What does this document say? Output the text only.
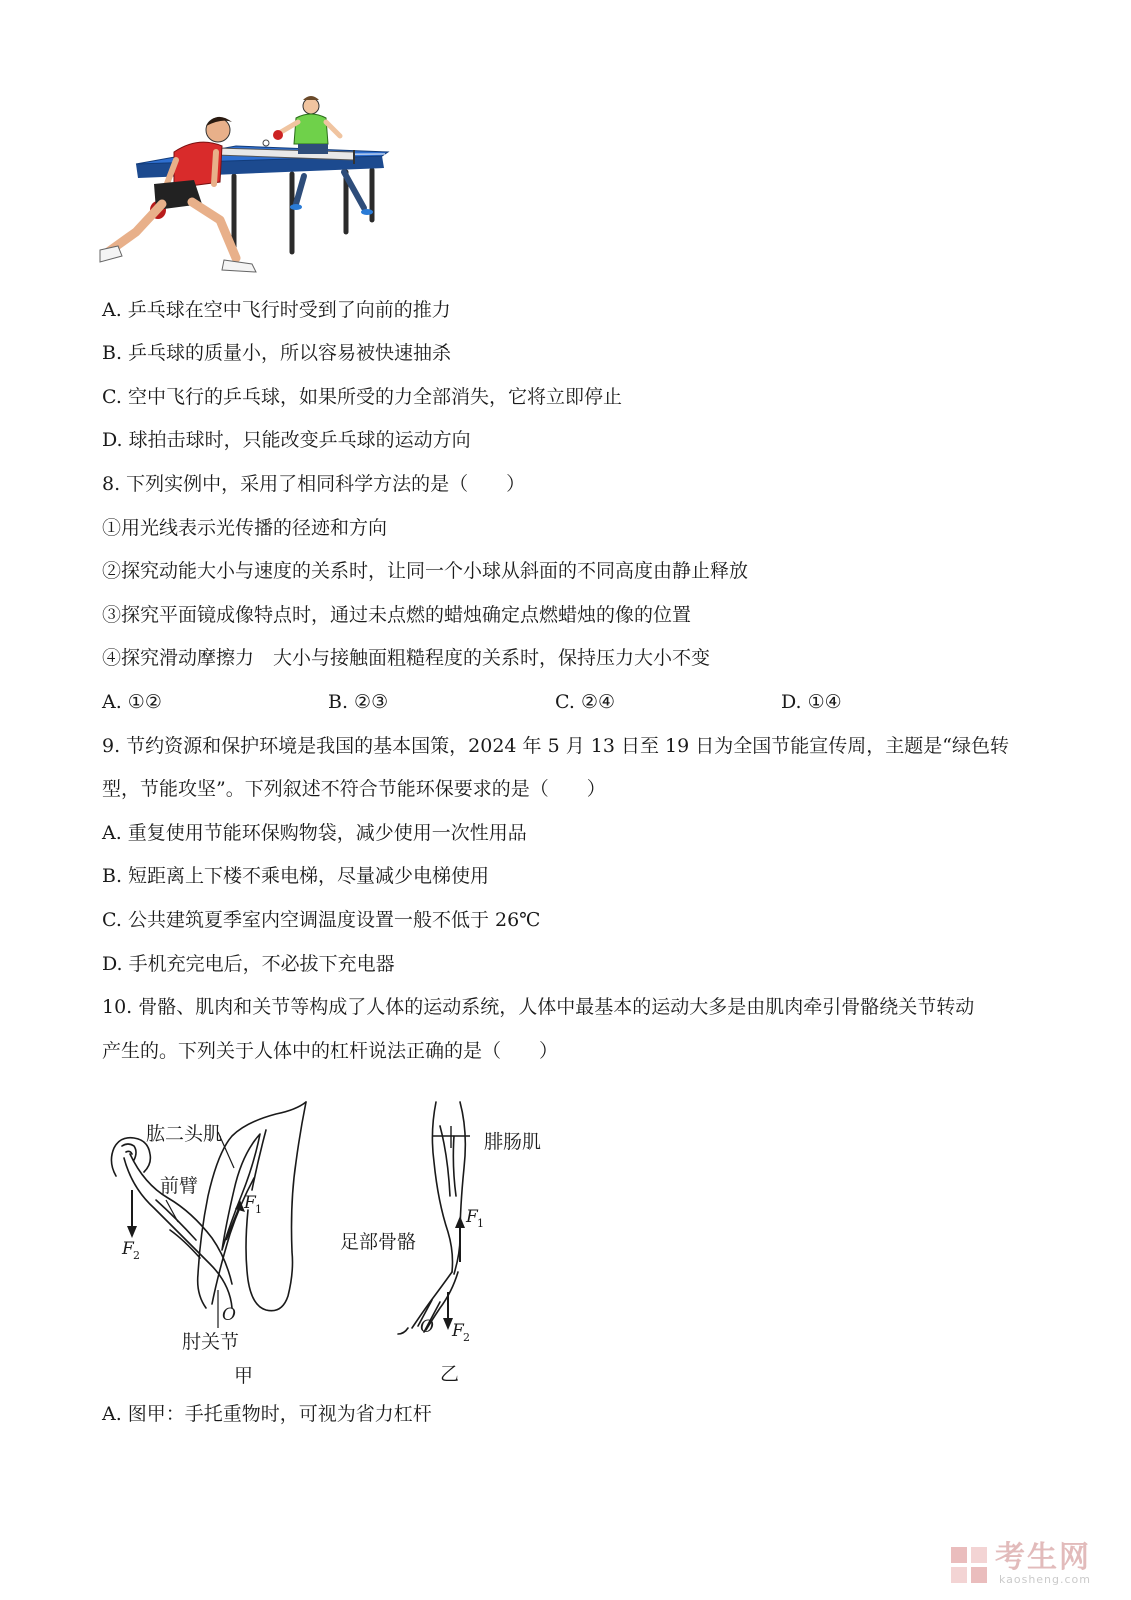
A. 乒乓球在空中飞行时受到了向前的推力
B. 乒乓球的质量小，所以容易被快速抽杀
C. 空中飞行的乒乓球，如果所受的力全部消失，它将立即停止
D. 球拍击球时，只能改变乒乓球的运动方向
8. 下列实例中，采用了相同科学方法的是（　　）
①用光线表示光传播的径迹和方向
②探究动能大小与速度的关系时，让同一个小球从斜面的不同高度由静止释放
③探究平面镜成像特点时，通过未点燃的蜡烛确定点燃蜡烛的像的位置
④探究滑动摩擦力　大小与接触面粗糙程度的关系时，保持压力大小不变
A. ①②	B. ②③	C. ②④	D. ①④
9. 节约资源和保护环境是我国的基本国策，2024 年 5 月 13 日至 19 日为全国节能宣传周，主题是“绿色转
型，节能攻坚”。下列叙述不符合节能环保要求的是（　　）
A. 重复使用节能环保购物袋，减少使用一次性用品
B. 短距离上下楼不乘电梯，尽量减少电梯使用
C. 公共建筑夏季室内空调温度设置一般不低于 26℃
D. 手机充完电后，不必拔下充电器
10. 骨骼、肌肉和关节等构成了人体的运动系统，人体中最基本的运动大多是由肌肉牵引骨骼绕关节转动
产生的。下列关于人体中的杠杆说法正确的是（　　）
肱二头肌
前臂
F 1
F 2
O
肘关节
甲
腓肠肌
F 1
足部骨骼
O F 2
乙
A. 图甲：手托重物时，可视为省力杠杆
考生网
kaosheng.com
